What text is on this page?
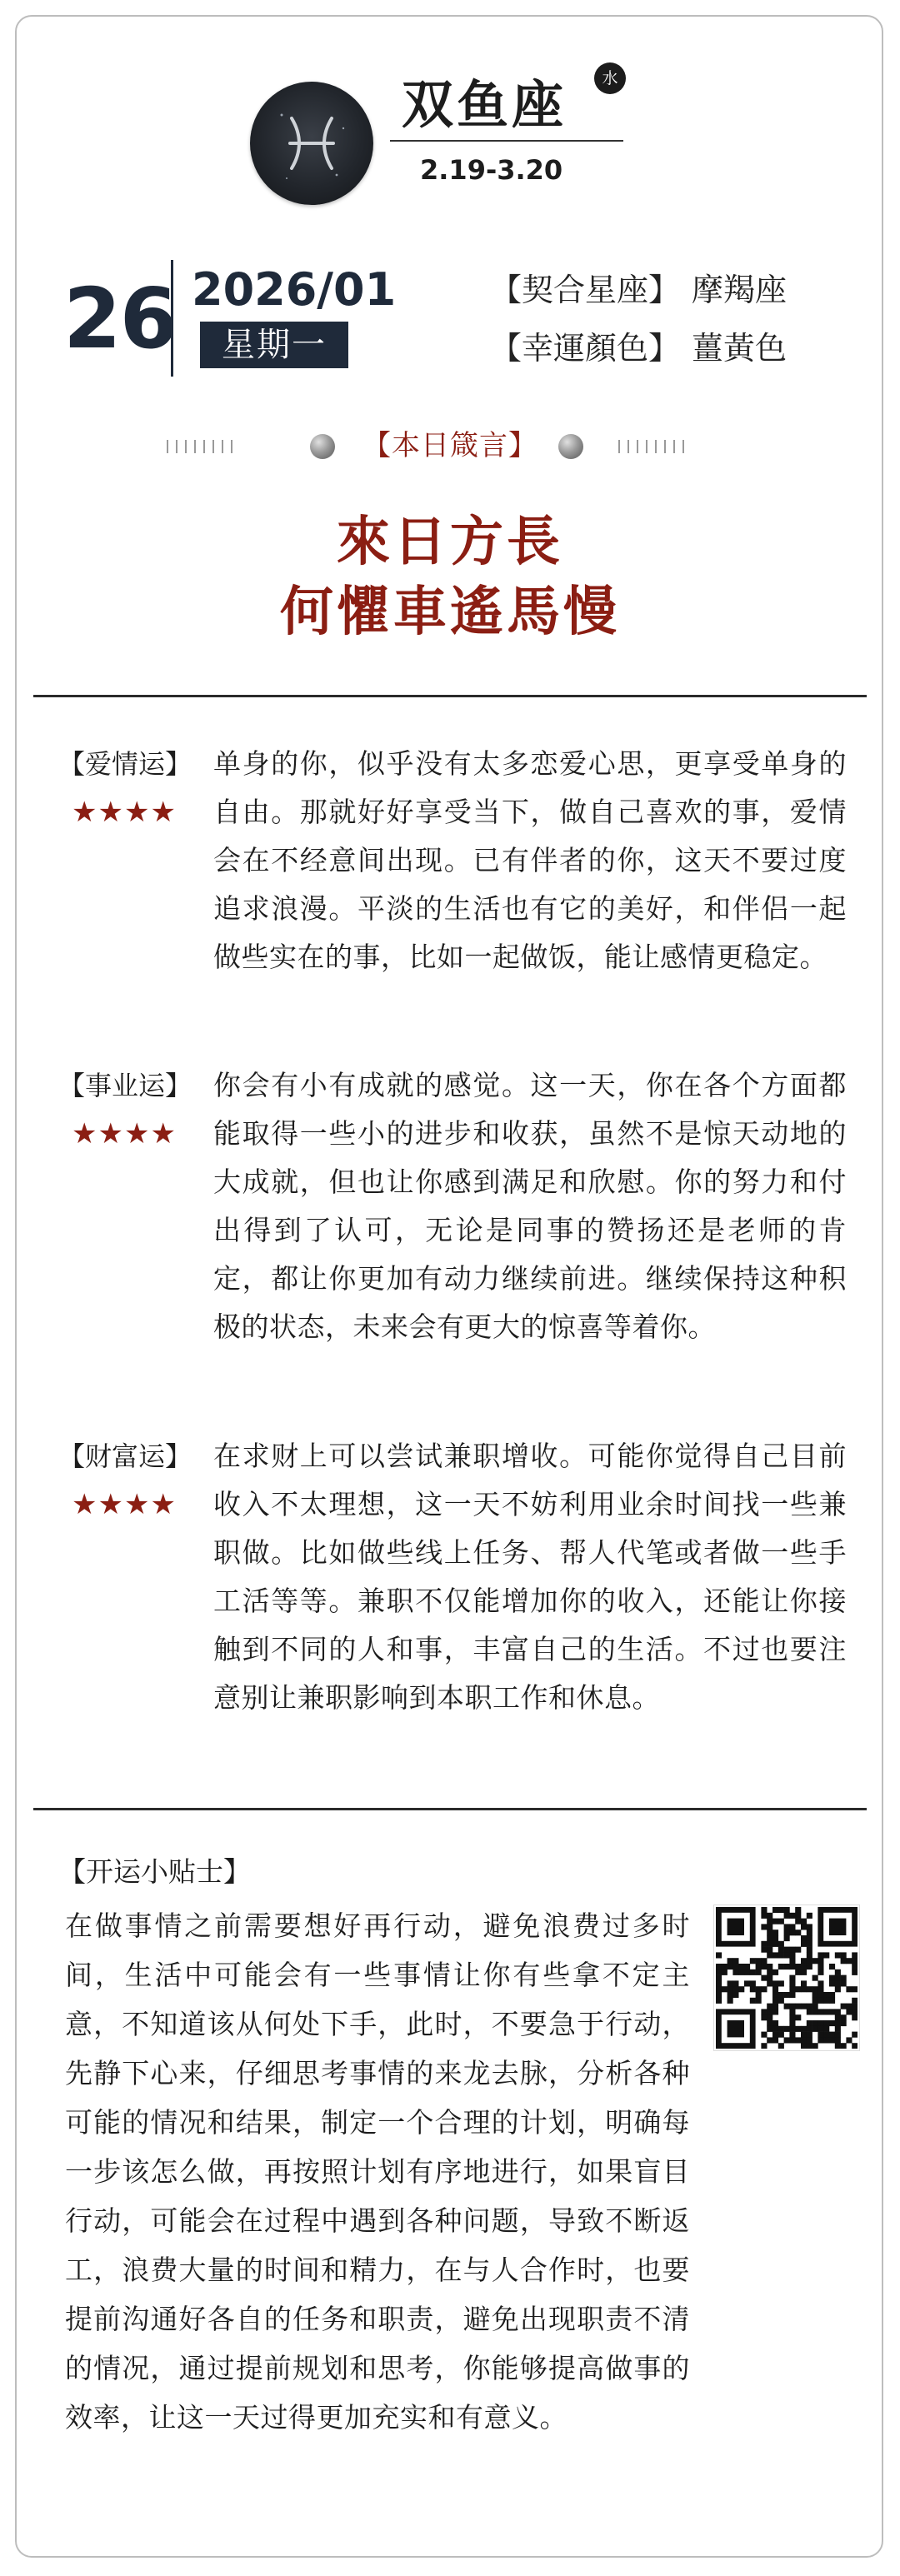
双鱼座	水
2.19-3.20
26 2026/01
星期一
【契合星座】 摩羯座
【幸運顏色】 薑黃色
【本日箴言】
來日方長
何懼車遙馬慢
【爱情运】
★★★★
单身的你，似乎没有太多恋爱心思，更享受单身的自由。那就好好享受当下，做自己喜欢的事，爱情会在不经意间出现。已有伴者的你，这天不要过度追求浪漫。平淡的生活也有它的美好，和伴侣一起做些实在的事，比如一起做饭，能让感情更稳定。
【事业运】
★★★★
你会有小有成就的感觉。这一天，你在各个方面都能取得一些小的进步和收获，虽然不是惊天动地的大成就，但也让你感到满足和欣慰。你的努力和付出得到了认可，无论是同事的赞扬还是老师的肯定，都让你更加有动力继续前进。继续保持这种积极的状态，未来会有更大的惊喜等着你。
【财富运】
★★★★
在求财上可以尝试兼职增收。可能你觉得自己目前收入不太理想，这一天不妨利用业余时间找一些兼职做。比如做些线上任务、帮人代笔或者做一些手工活等等。兼职不仅能增加你的收入，还能让你接触到不同的人和事，丰富自己的生活。不过也要注意别让兼职影响到本职工作和休息。
【开运小贴士】
在做事情之前需要想好再行动，避免浪费过多时间，生活中可能会有一些事情让你有些拿不定主意，不知道该从何处下手，此时，不要急于行动，先静下心来，仔细思考事情的来龙去脉，分析各种可能的情况和结果，制定一个合理的计划，明确每一步该怎么做，再按照计划有序地进行，如果盲目行动，可能会在过程中遇到各种问题，导致不断返工，浪费大量的时间和精力，在与人合作时，也要提前沟通好各自的任务和职责，避免出现职责不清的情况，通过提前规划和思考，你能够提高做事的效率，让这一天过得更加充实和有意义。
